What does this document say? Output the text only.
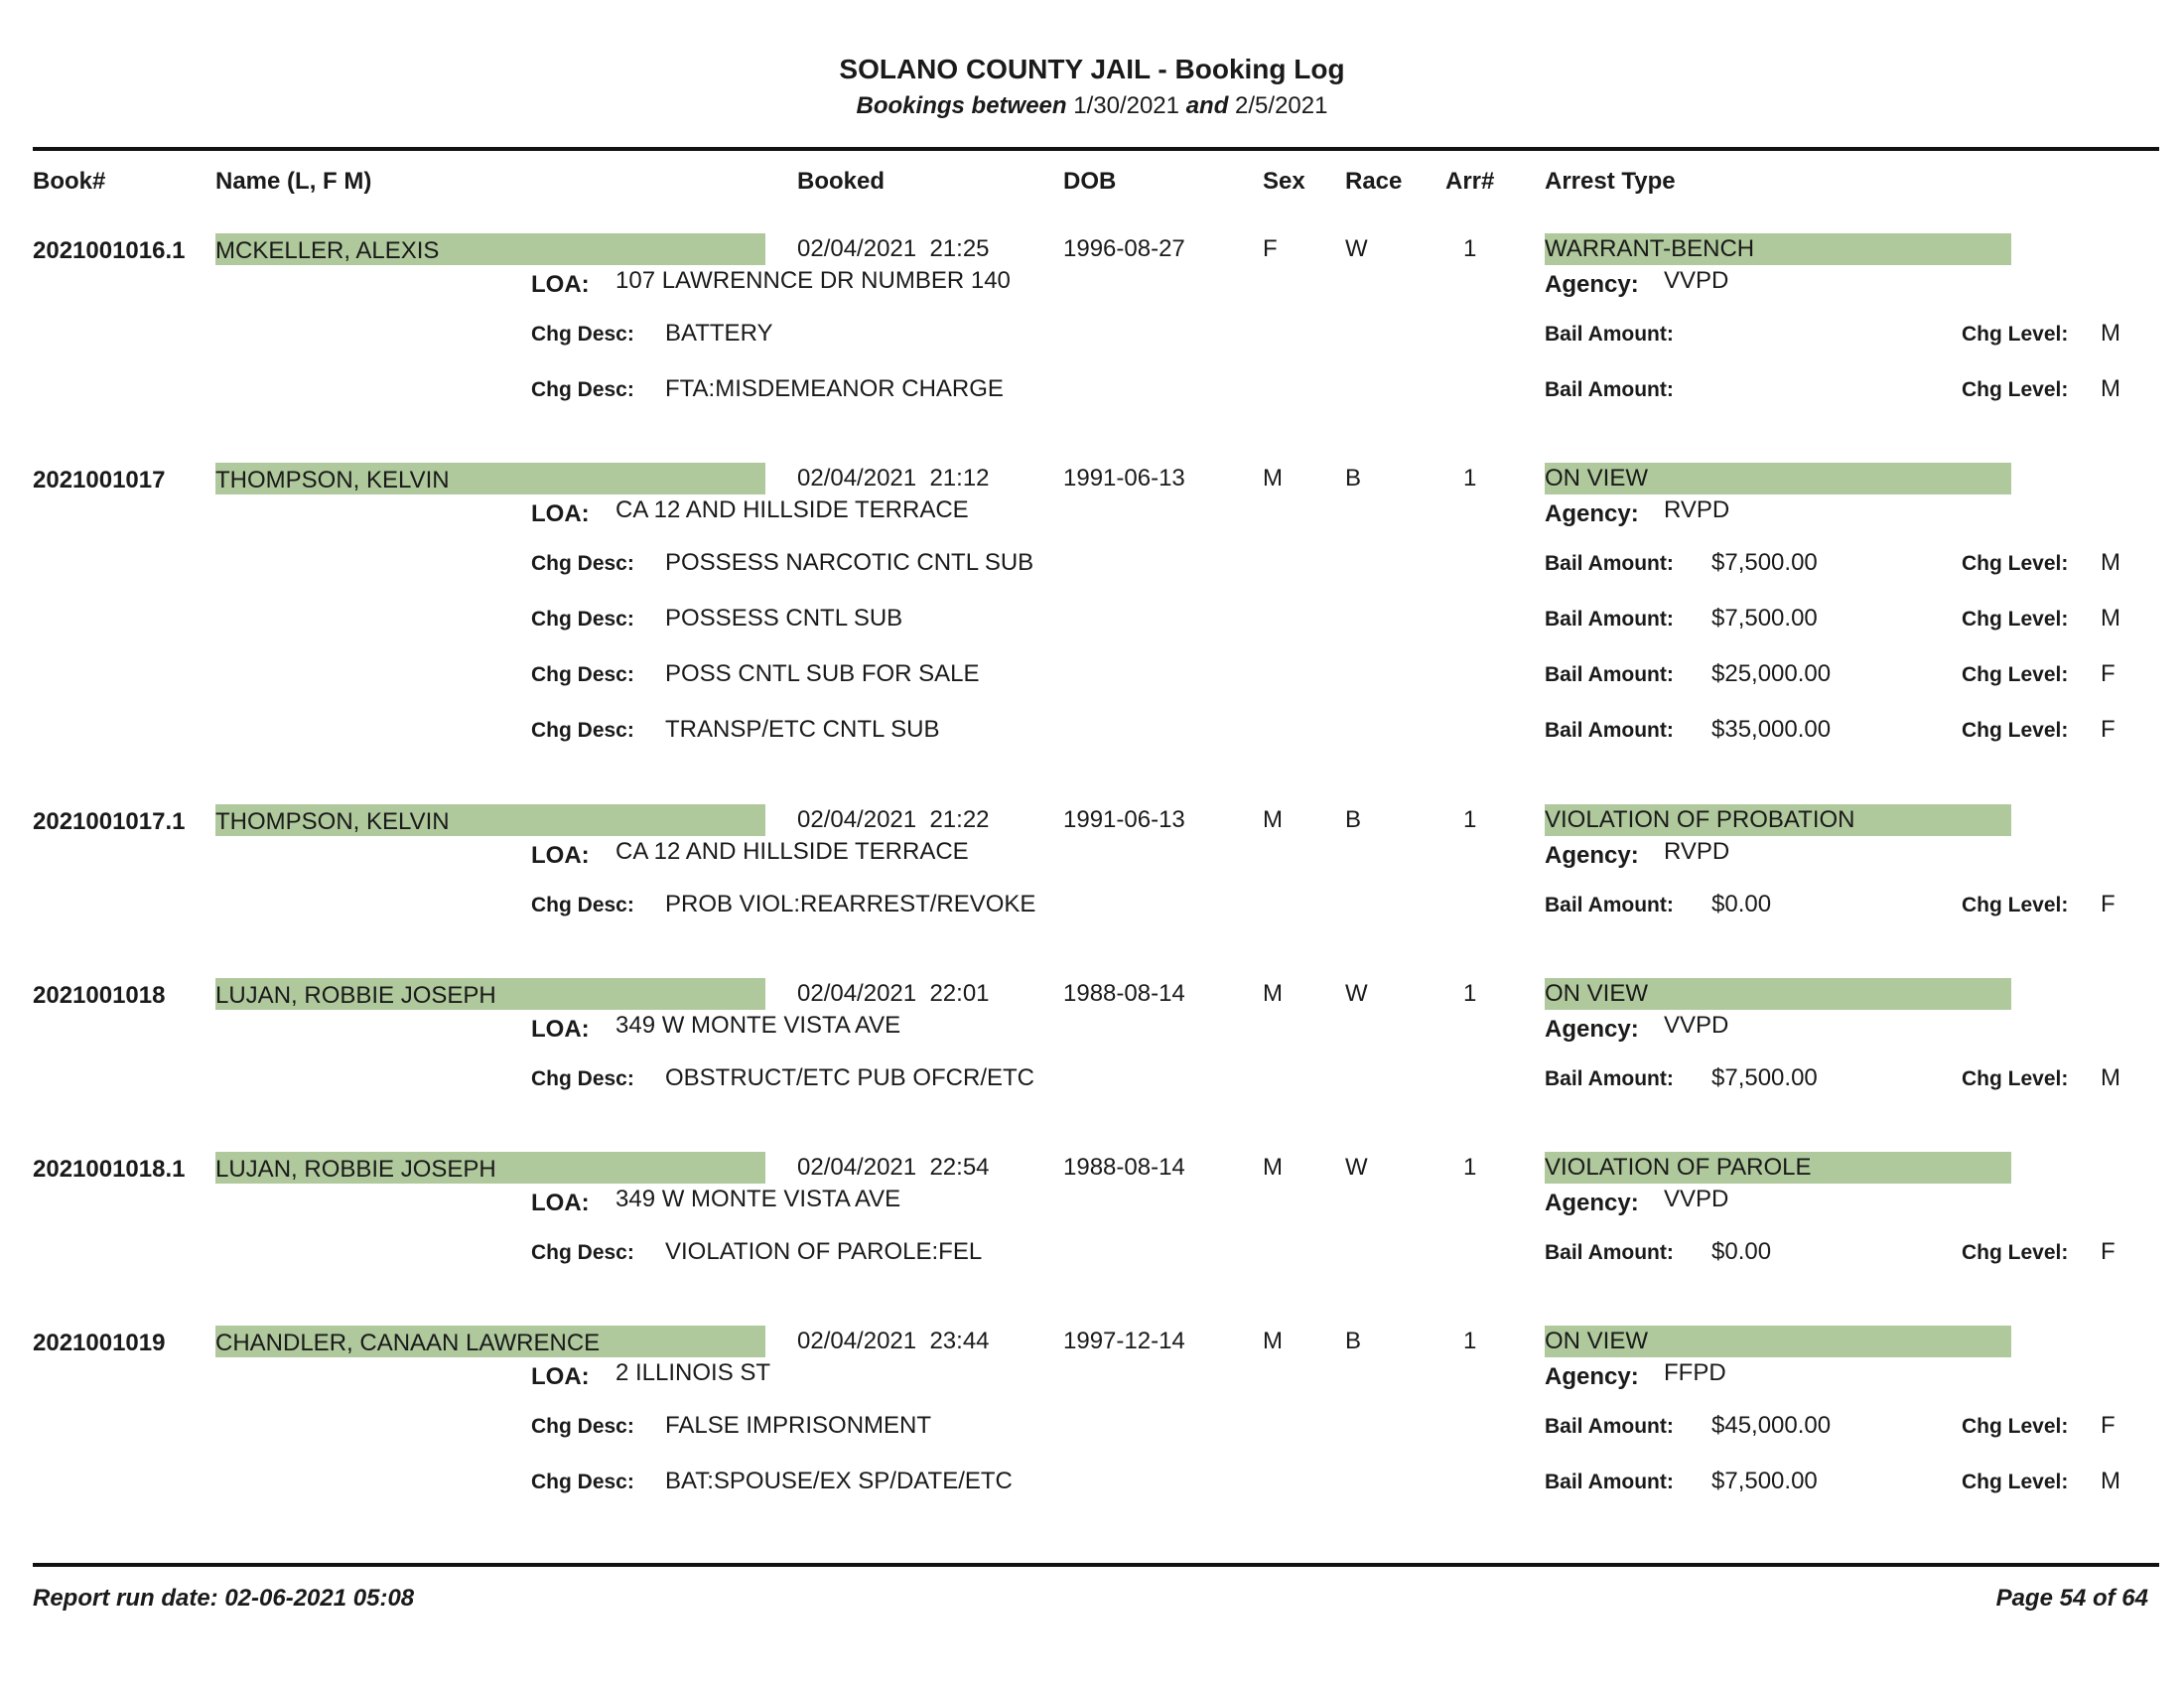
SOLANO COUNTY JAIL - Booking Log
Bookings between 1/30/2021 and 2/5/2021
Book#	Name (L, F M)	Booked	DOB	Sex Race Arr# Arrest Type
2021001016.1 MCKELLER, ALEXIS	02/04/2021  21:25	1996-08-27	F	W	1	WARRANT-BENCH
LOA: 107 LAWRENNCE DR NUMBER 140	Agency: VVPD
Chg Desc: BATTERY	Bail Amount:	Chg Level: M
Chg Desc: FTA:MISDEMEANOR CHARGE	Bail Amount:	Chg Level: M
2021001017 THOMPSON, KELVIN	02/04/2021  21:12	1991-06-13	M	B	1	ON VIEW
LOA: CA 12 AND HILLSIDE TERRACE	Agency: RVPD
Chg Desc: POSSESS NARCOTIC CNTL SUB	Bail Amount: $7,500.00	Chg Level: M
Chg Desc: POSSESS CNTL SUB	Bail Amount: $7,500.00	Chg Level: M
Chg Desc: POSS CNTL SUB FOR SALE	Bail Amount: $25,000.00	Chg Level: F
Chg Desc: TRANSP/ETC CNTL SUB	Bail Amount: $35,000.00	Chg Level: F
2021001017.1 THOMPSON, KELVIN	02/04/2021  21:22	1991-06-13	M	B	1	VIOLATION OF PROBATION
LOA: CA 12 AND HILLSIDE TERRACE	Agency: RVPD
Chg Desc: PROB VIOL:REARREST/REVOKE	Bail Amount: $0.00	Chg Level: F
2021001018 LUJAN, ROBBIE JOSEPH	02/04/2021  22:01	1988-08-14	M	W	1	ON VIEW
LOA: 349 W MONTE VISTA AVE	Agency: VVPD
Chg Desc: OBSTRUCT/ETC PUB OFCR/ETC	Bail Amount: $7,500.00	Chg Level: M
2021001018.1 LUJAN, ROBBIE JOSEPH	02/04/2021  22:54	1988-08-14	M	W	1	VIOLATION OF PAROLE
LOA: 349 W MONTE VISTA AVE	Agency: VVPD
Chg Desc: VIOLATION OF PAROLE:FEL	Bail Amount: $0.00	Chg Level: F
2021001019 CHANDLER, CANAAN LAWRENCE	02/04/2021  23:44	1997-12-14	M	B	1	ON VIEW
LOA: 2 ILLINOIS ST	Agency: FFPD
Chg Desc: FALSE IMPRISONMENT	Bail Amount: $45,000.00	Chg Level: F
Chg Desc: BAT:SPOUSE/EX SP/DATE/ETC	Bail Amount: $7,500.00	Chg Level: M
Report run date: 02-06-2021 05:08	Page 54 of 64
